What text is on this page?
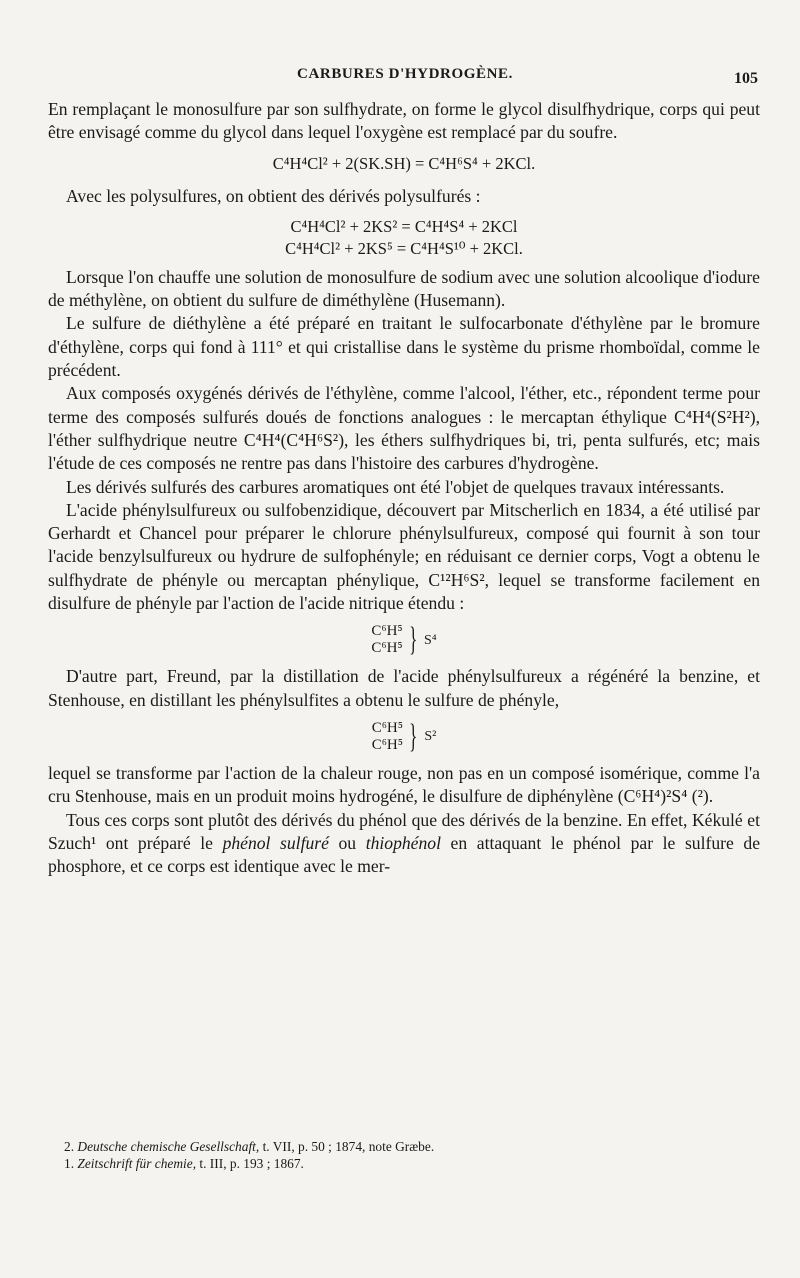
CARBURES D'HYDROGÈNE.	105

En remplaçant le monosulfure par son sulfhydrate, on forme le glycol disulfhydrique, corps qui peut être envisagé comme du glycol dans lequel l'oxygène est remplacé par du soufre.

C⁴H⁴Cl² + 2(SK.SH) = C⁴H⁶S⁴ + 2KCl.

Avec les polysulfures, on obtient des dérivés polysulfurés :

C⁴H⁴Cl² + 2KS² = C⁴H⁴S⁴ + 2KCl
C⁴H⁴Cl² + 2KS⁵ = C⁴H⁴S¹⁰ + 2KCl.

Lorsque l'on chauffe une solution de monosulfure de sodium avec une solution alcoolique d'iodure de méthylène, on obtient du sulfure de diméthylène (Husemann).

Le sulfure de diéthylène a été préparé en traitant le sulfocarbonate d'éthylène par le bromure d'éthylène, corps qui fond à 111° et qui cristallise dans le système du prisme rhomboïdal, comme le précédent.

Aux composés oxygénés dérivés de l'éthylène, comme l'alcool, l'éther, etc., répondent terme pour terme des composés sulfurés doués de fonctions analogues : le mercaptan éthylique C⁴H⁴(S²H²), l'éther sulfhydrique neutre C⁴H⁴(C⁴H⁶S²), les éthers sulfhydriques bi, tri, penta sulfurés, etc; mais l'étude de ces composés ne rentre pas dans l'histoire des carbures d'hydrogène.

Les dérivés sulfurés des carbures aromatiques ont été l'objet de quelques travaux intéressants.

L'acide phénylsulfureux ou sulfobenzidique, découvert par Mitscherlich en 1834, a été utilisé par Gerhardt et Chancel pour préparer le chlorure phénylsulfureux, composé qui fournit à son tour l'acide benzylsulfureux ou hydrure de sulfophényle; en réduisant ce dernier corps, Vogt a obtenu le sulfhydrate de phényle ou mercaptan phénylique, C¹²H⁶S², lequel se transforme facilement en disulfure de phényle par l'action de l'acide nitrique étendu :

C⁶H⁵
C⁶H⁵ } S⁴

D'autre part, Freund, par la distillation de l'acide phénylsulfureux a régénéré la benzine, et Stenhouse, en distillant les phénylsulfites a obtenu le sulfure de phényle,

C⁶H⁵
C⁶H⁵ } S²

lequel se transforme par l'action de la chaleur rouge, non pas en un composé isomérique, comme l'a cru Stenhouse, mais en un produit moins hydrogéné, le disulfure de diphénylène (C⁶H⁴)²S⁴ (²).

Tous ces corps sont plutôt des dérivés du phénol que des dérivés de la benzine. En effet, Kékulé et Szuch¹ ont préparé le phénol sulfuré ou thiophénol en attaquant le phénol par le sulfure de phosphore, et ce corps est identique avec le mer-

2. Deutsche chemische Gesellschaft, t. VII, p. 50 ; 1874, note Græbe.

1. Zeitschrift für chemie, t. III, p. 193 ; 1867.
